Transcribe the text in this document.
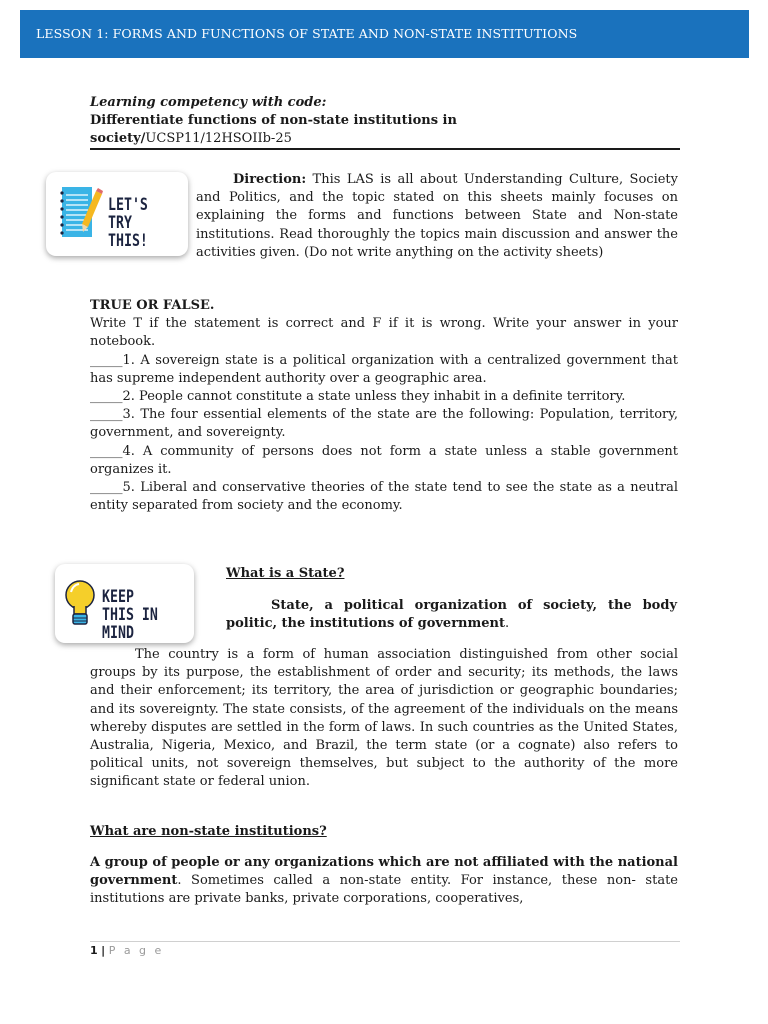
LESSON 1: FORMS AND FUNCTIONS OF STATE AND NON-STATE INSTITUTIONS
Learning competency with code:
Differentiate functions of non-state institutions in
society/UCSP11/12HSOIIb-25
LET'S TRY
THIS!
Direction: This LAS is all about Understanding Culture, Society and Politics, and the topic stated on this sheets mainly focuses on explaining the forms and functions between State and Non-state institutions. Read thoroughly the topics main discussion and answer the activities given. (Do not write anything on the activity sheets)
TRUE OR FALSE.
Write T if the statement is correct and F if it is wrong. Write your answer in your notebook.
_____1. A sovereign state is a political organization with a centralized government that has supreme independent authority over a geographic area.
_____2. People cannot constitute a state unless they inhabit in a definite territory.
_____3. The four essential elements of the state are the following: Population, territory, government, and sovereignty.
_____4. A community of persons does not form a state unless a stable government organizes it.
_____5. Liberal and conservative theories of the state tend to see the state as a neutral entity separated from society and the economy.
KEEP THIS IN
MIND
What is a State?
State, a political organization of society, the body
politic, the institutions of government.
The country is a form of human association distinguished from other social groups by its purpose, the establishment of order and security; its methods, the laws and their enforcement; its territory, the area of jurisdiction or geographic boundaries; and its sovereignty. The state consists, of the agreement of the individuals on the means whereby disputes are settled in the form of laws. In such countries as the United States, Australia, Nigeria, Mexico, and Brazil, the term state (or a cognate) also refers to political units, not sovereign themselves, but subject to the authority of the more significant state or federal union.
What are non-state institutions?
A group of people or any organizations which are not affiliated with the national government. Sometimes called a non-state entity. For instance, these non- state institutions are private banks, private corporations, cooperatives,
1 | P a g e
